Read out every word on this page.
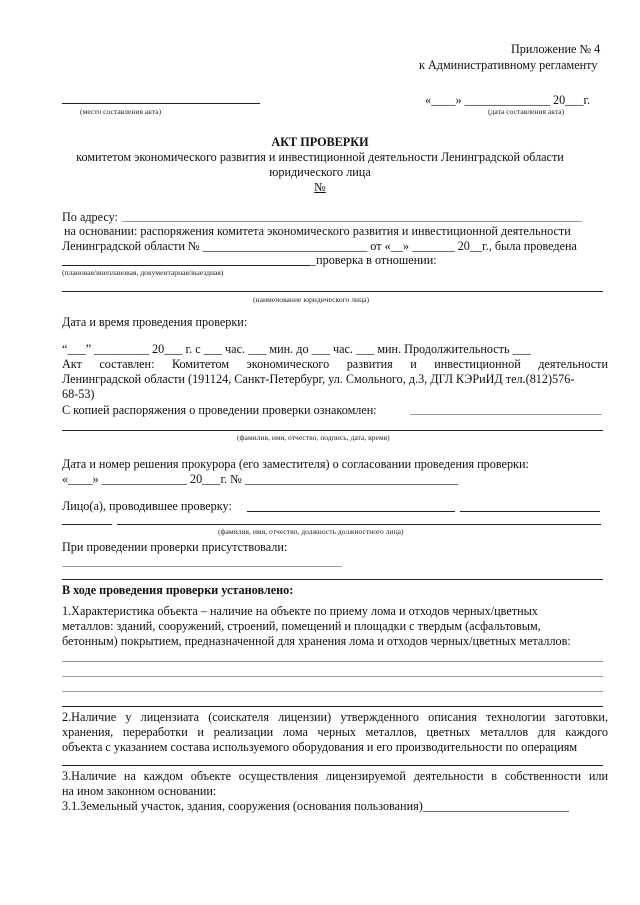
Приложение № 4
к Административному регламенту
(место составления акта)
«____» ______________ 20___г.
(дата составления акта)
АКТ ПРОВЕРКИ
комитетом экономического развития и инвестиционной деятельности Ленинградской области
юридического лица
№
По адресу:
на основании: распоряжения комитета экономического развития и инвестиционной деятельности
Ленинградской области № ___________________________ от «__» _______ 20__г., была проведена
_проверка в отношении:
(плановая/внеплановая, документарная/выездная)
(наименование юридического лица)
Дата и время проведения проверки:
“___” _________ 20___ г. с ___ час. ___ мин. до ___ час. ___ мин. Продолжительность ___
Акт составлен: Комитетом экономического развития и инвестиционной деятельности
Ленинградской области (191124, Санкт-Петербург, ул. Смольного, д.3, ДГЛ КЭРиИД тел.(812)576-
68-53)
С копией распоряжения о проведении проверки ознакомлен:
(фамилия, имя, отчество, подпись, дата, время)
Дата и номер решения прокурора (его заместителя) о согласовании проведения проверки:
«____» ______________ 20___г. № ___________________________________
Лицо(а), проводившее проверку:
(фамилия, имя, отчество, должность должностного лица)
При проведении проверки присутствовали:
В ходе проведения проверки установлено:
1.Характеристика объекта – наличие на объекте по приему лома и отходов черных/цветных
металлов: зданий, сооружений, строений, помещений и площадки с твердым (асфальтовым,
бетонным) покрытием, предназначенной для хранения лома и отходов черных/цветных металлов:
2.Наличие у лицензиата (соискателя лицензии) утвержденного описания технологии заготовки,
хранения, переработки и реализации лома черных металлов, цветных металлов для каждого
объекта с указанием состава используемого оборудования и его производительности по операциям
3.Наличие на каждом объекте осуществления лицензируемой деятельности в собственности или
на ином законном основании:
3.1.Земельный участок, здания, сооружения (основания пользования)________________________
